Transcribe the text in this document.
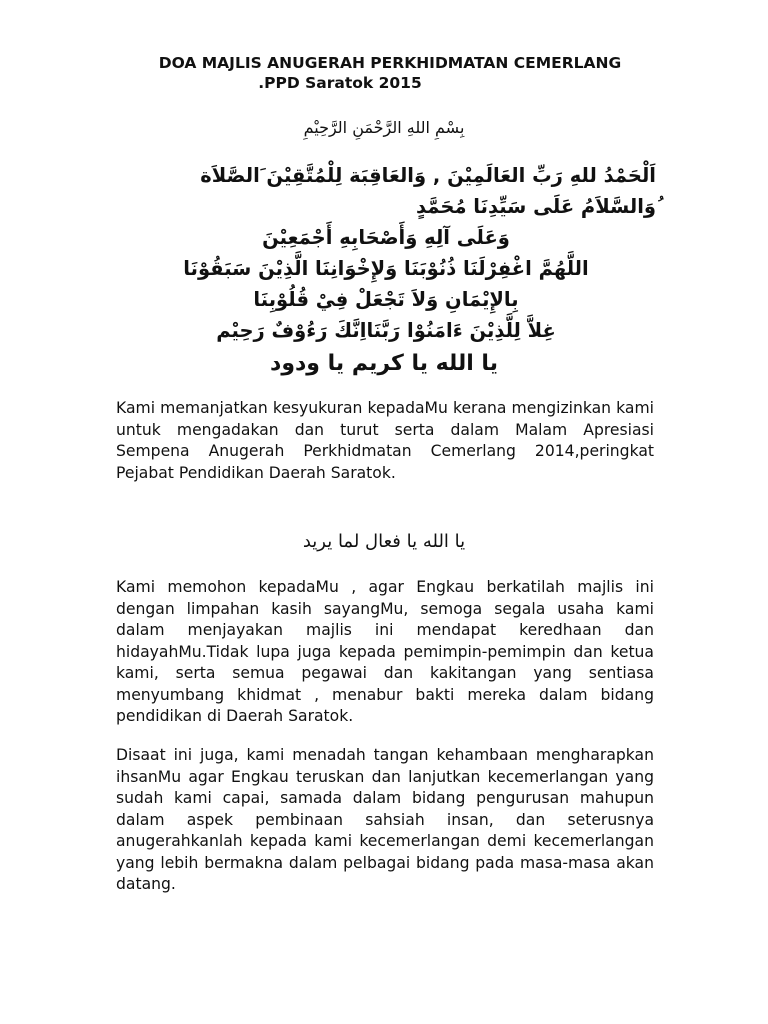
DOA MAJLIS ANUGERAH PERKHIDMATAN CEMERLANG
.PPD Saratok 2015
بِسْمِ اللهِ الرَّحْمَنِ الرَّحِيْمِ
اَلْحَمْدُ للهِ رَبِّ العَالَمِيْنَ , وَالعَاقِبَة لِلْمُتَّقِيْنَ َالصَّلاَة
ُوَالسَّلاَمُ عَلَى سَيِّدِنَا مُحَمَّدٍ
وَعَلَى آلِهِ وَأَصْحَابِهِ أَجْمَعِيْنَ
اللَّهُمَّ اغْفِرْلَنَا ذُنُوْبَنَا وَلإِخْوَانِنَا الَّذِيْنَ سَبَقُوْنَا
بِالإِيْمَانِ وَلاَ تَجْعَلْ فِيْ قُلُوْبِنَا
غِلاَّ لِلَّذِيْنَ ءَامَنُوْا رَبَّنَااِنَّكَ رَءُوْفٌ رَحِيْم
يا الله يا كريم يا ودود

Kami memanjatkan kesyukuran kepadaMu kerana mengizinkan kami untuk mengadakan dan turut serta dalam Malam Apresiasi Sempena Anugerah Perkhidmatan Cemerlang 2014,peringkat Pejabat Pendidikan Daerah Saratok.

يا الله يا فعال لما يريد

Kami memohon kepadaMu , agar Engkau berkatilah majlis ini dengan limpahan kasih sayangMu, semoga segala usaha kami dalam menjayakan majlis ini mendapat keredhaan dan hidayahMu.Tidak lupa juga kepada pemimpin-pemimpin dan ketua kami, serta semua pegawai dan kakitangan yang sentiasa menyumbang khidmat , menabur bakti mereka dalam bidang pendidikan di Daerah Saratok.

Disaat ini juga, kami menadah tangan kehambaan mengharapkan ihsanMu agar Engkau teruskan dan lanjutkan kecemerlangan yang sudah kami capai, samada dalam bidang pengurusan mahupun dalam aspek pembinaan sahsiah insan, dan seterusnya anugerahkanlah kepada kami kecemerlangan demi kecemerlangan yang lebih bermakna dalam pelbagai bidang pada masa-masa akan datang.
